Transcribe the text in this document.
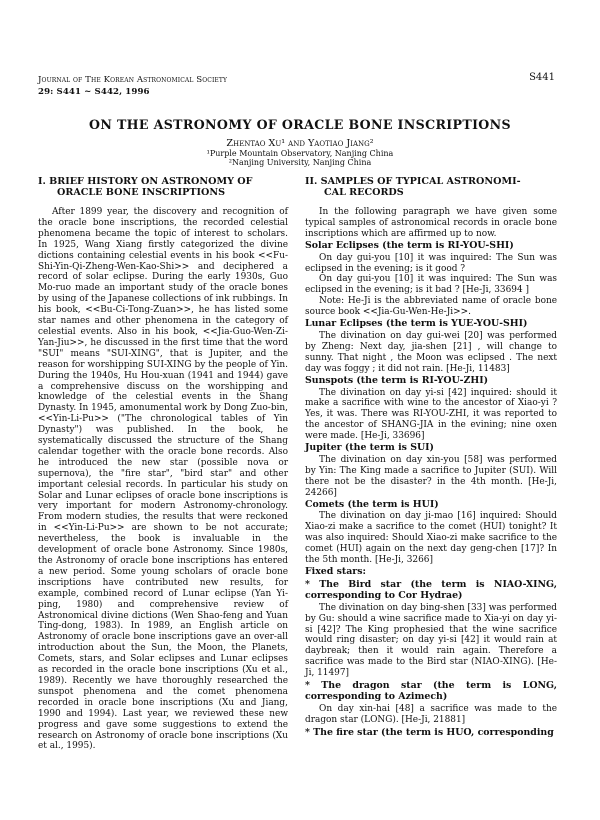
Journal of The Korean Astronomical Society
29: S441 ~ S442, 1996
S441
ON THE ASTRONOMY OF ORACLE BONE INSCRIPTIONS
Zhentao Xu¹ and Yaotiao Jiang²
¹Purple Mountain Observatory, Nanjing China
²Nanjing University, Nanjing China
I. BRIEF HISTORY ON ASTRONOMY OF
ORACLE BONE INSCRIPTIONS

After 1899 year, the discovery and recognition of the oracle bone inscriptions, the recorded celestial phenomena became the topic of interest to scholars. In 1925, Wang Xiang firstly categorized the divine dictions containing celestial events in his book <<Fu-Shi-Yin-Qi-Zheng-Wen-Kao-Shi>> and deciphered a record of solar eclipse. During the early 1930s, Guo Mo-ruo made an important study of the oracle bones by using of the Japanese collections of ink rubbings. In his book, <<Bu-Ci-Tong-Zuan>>, he has listed some star names and other phenomena in the category of celestial events. Also in his book, <<Jia-Guo-Wen-Zi-Yan-Jiu>>, he discussed in the first time that the word "SUI" means "SUI-XING", that is Jupiter, and the reason for worshipping SUI-XING by the people of Yin. During the 1940s, Hu Hou-xuan (1941 and 1944) gave a comprehensive discuss on the worshipping and knowledge of the celestial events in the Shang Dynasty. In 1945, amonumental work by Dong Zuo-bin, <<Yin-Li-Pu>> ("The chronological tables of Yin Dynasty") was published. In the book, he systematically discussed the structure of the Shang calendar together with the oracle bone records. Also he introduced the new star (possible nova or supernova), the "fire star", "bird star" and other important celesial records. In particular his study on Solar and Lunar eclipses of oracle bone inscriptions is very important for modern Astronomy-chronology. From modern studies, the results that were reckoned in <<Yin-Li-Pu>> are shown to be not accurate; nevertheless, the book is invaluable in the development of oracle bone Astronomy. Since 1980s, the Astronomy of oracle bone inscriptions has entered a new period. Some young scholars of oracle bone inscriptions have contributed new results, for example, combined record of Lunar eclipse (Yan Yi-ping, 1980) and comprehensive review of Astronomical divine dictions (Wen Shao-feng and Yuan Ting-dong, 1983). In 1989, an English article on Astronomy of oracle bone inscriptions gave an over-all introduction about the Sun, the Moon, the Planets, Comets, stars, and Solar eclipses and Lunar eclipses as recorded in the oracle bone inscriptions (Xu et al., 1989). Recently we have thoroughly researched the sunspot phenomena and the comet phenomena recorded in oracle bone inscriptions (Xu and Jiang, 1990 and 1994). Last year, we reviewed these new progress and gave some suggestions to extend the research on Astronomy of oracle bone inscriptions (Xu et al., 1995).

II. SAMPLES OF TYPICAL ASTRONOMI-
CAL RECORDS

In the following paragraph we have given some typical samples of astronomical records in oracle bone inscriptions which are affirmed up to now.

Solar Eclipses (the term is RI-YOU-SHI)

On day gui-you [10] it was inquired: The Sun was eclipsed in the evening; is it good ?

On day gui-you [10] it was inquired: The Sun was eclipsed in the evening; is it bad ? [He-Ji, 33694 ]

Note: He-Ji is the abbreviated name of oracle bone source book <<Jia-Gu-Wen-He-Ji>>.

Lunar Eclipses (the term is YUE-YOU-SHI)

The divination on day gui-wei [20] was performed by Zheng: Next day, jia-shen [21] , will change to sunny. That night , the Moon was eclipsed . The next day was foggy ; it did not rain. [He-Ji, 11483]

Sunspots (the term is RI-YOU-ZHI)

The divination on day yi-si [42] inquired: should it make a sacrifice with wine to the ancestor of Xiao-yi ? Yes, it was. There was RI-YOU-ZHI, it was reported to the ancestor of SHANG-JIA in the evining; nine oxen were made. [He-Ji, 33696]

Jupiter (the term is SUI)

The divination on day xin-you [58] was performed by Yin: The King made a sacrifice to Jupiter (SUI). Will there not be the disaster? in the 4th month. [He-Ji, 24266]

Comets (the term is HUI)

The divination on day ji-mao [16] inquired: Should Xiao-zi make a sacrifice to the comet (HUI) tonight? It was also inquired: Should Xiao-zi make sacrifice to the comet (HUI) again on the next day geng-chen [17]? In the 5th month. [He-Ji, 3266]

Fixed stars:
* The Bird star (the term is NIAO-XING, corresponding to Cor Hydrae)

The divination on day bing-shen [33] was performed by Gu: should a wine sacrifice made to Xia-yi on day yi-si [42]? The King prophesied that the wine sacrifice would ring disaster; on day yi-si [42] it would rain at daybreak; then it would rain again. Therefore a sacrifice was made to the Bird star (NIAO-XING). [He-Ji, 11497]

* The dragon star (the term is LONG, corresponding to Azimech)

On day xin-hai [48] a sacrifice was made to the dragon star (LONG). [He-Ji, 21881]

* The fire star (the term is HUO, corresponding
